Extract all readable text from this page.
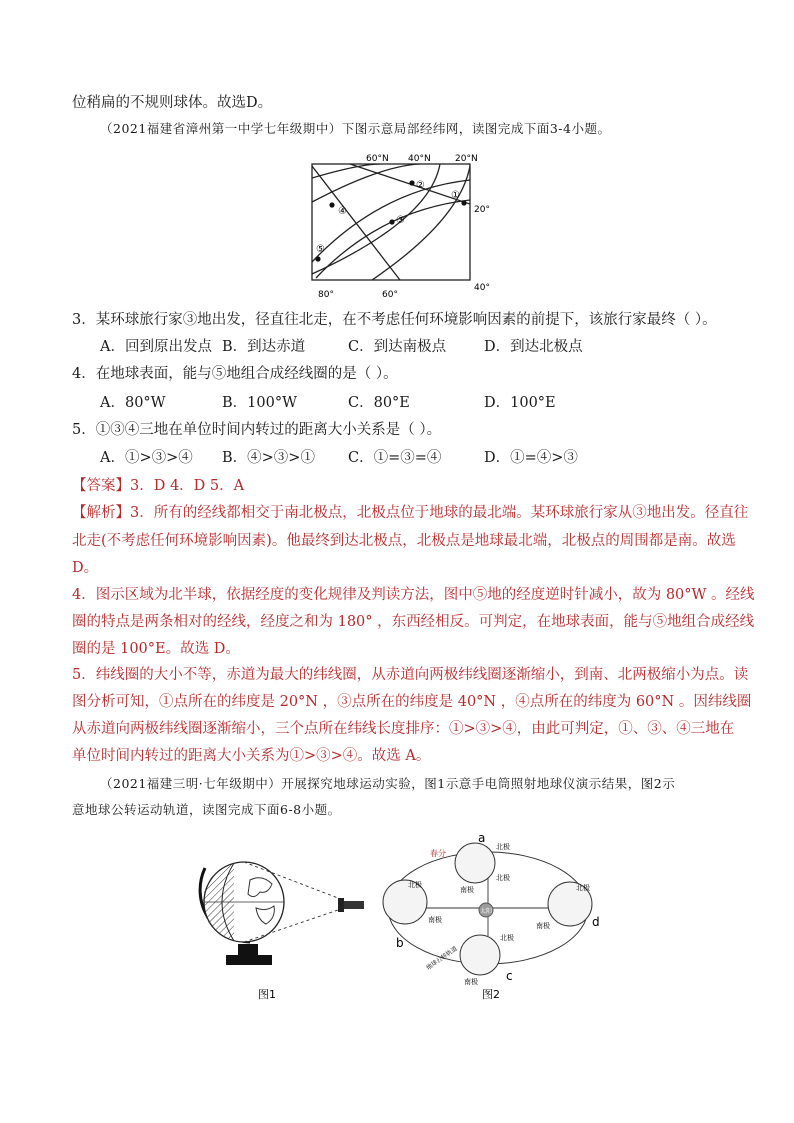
位稍扁的不规则球体。故选D。
（2021福建省漳州第一中学七年级期中）下图示意局部经纬网，读图完成下面3-4小题。
①
②
③
④
⑤
60°N 40°N	20°N
20°
40°
80°	60°
3．某环球旅行家③地出发，径直往北走，在不考虑任何环境影响因素的前提下，该旅行家最终（ ）。
A．回到原出发点 B．到达赤道	C．到达南极点	D．到达北极点
4．在地球表面，能与⑤地组合成经线圈的是（ ）。
A．80°W	B．100°W	C．80°E	D．100°E
5．①③④三地在单位时间内转过的距离大小关系是（ ）。
A．①>③>④ B．④>③>① C．①=③=④	D．①=④>③
【答案】3．D 4．D 5．A
【解析】3．所有的经线都相交于南北极点，北极点位于地球的最北端。某环球旅行家从③地出发。径直往
北走(不考虑任何环境影响因素)。他最终到达北极点，北极点是地球最北端，北极点的周围都是南。故选
D。
4．图示区域为北半球，依据经度的变化规律及判读方法，图中⑤地的经度逆时针减小，故为 80°W 。经线
圈的特点是两条相对的经线，经度之和为 180° ，东西经相反。可判定，在地球表面，能与⑤地组合成经线
圈的是 100°E。故选 D。
5．纬线圈的大小不等，赤道为最大的纬线圈，从赤道向两极纬线圈逐渐缩小，到南、北两极缩小为点。读
图分析可知，①点所在的纬度是 20°N ，③点所在的纬度是 40°N ，④点所在的纬度为 60°N 。因纬线圈
从赤道向两极纬线圈逐渐缩小，三个点所在纬线长度排序：①>③>④，由此可判定，①、③、④三地在
单位时间内转过的距离大小关系为①>③>④。故选 A。
（2021福建三明·七年级期中）开展探究地球运动实验，图1示意手电筒照射地球仪演示结果，图2示
意地球公转运动轨道，读图完成下面6-8小题。
图1
太阳
a
北极
北极
南极
春分
b
北极
南极
c
北极
南极
地球公转轨道
d
北极
南极
图2
